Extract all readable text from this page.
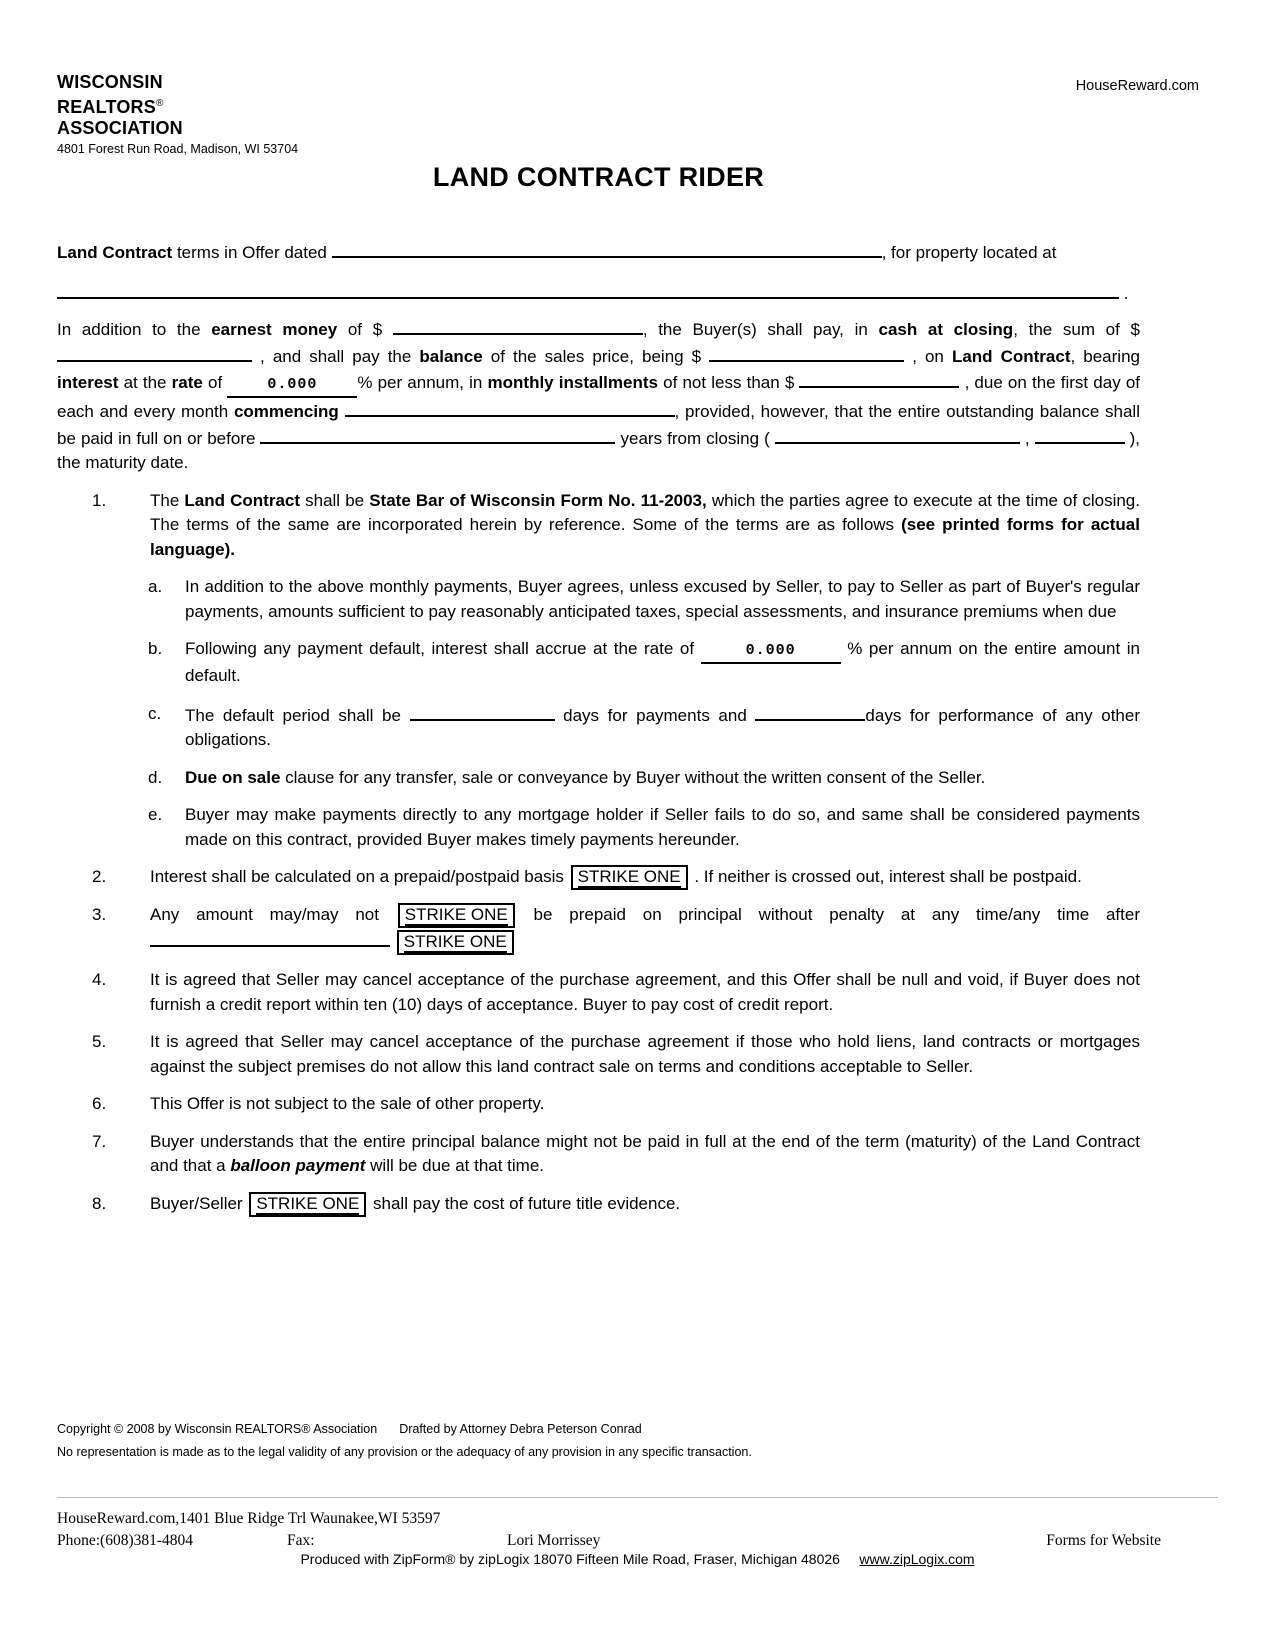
HouseReward.com
WISCONSIN
REALTORS®
ASSOCIATION
4801 Forest Run Road, Madison, WI 53704
LAND CONTRACT RIDER

Land Contract terms in Offer dated	, for property located at

.

In addition to the earnest money of $	, the Buyer(s) shall pay, in cash at closing, the sum of $  , and shall pay the balance of the sales price, being $	, on Land Contract, bearing interest at the rate of	0.000 % per annum, in monthly installments of not less than $	, due on the first day of each and every month commencing	, provided, however, that the entire outstanding balance shall be paid in full on or before	years from closing (	,	), the maturity date.

1.	The Land Contract shall be State Bar of Wisconsin Form No. 11-2003, which the parties agree to execute at the time of closing. The terms of the same are incorporated herein by reference. Some of the terms are as follows (see printed forms for actual language).

a. In addition to the above monthly payments, Buyer agrees, unless excused by Seller, to pay to Seller as part of Buyer's regular payments, amounts sufficient to pay reasonably anticipated taxes, special assessments, and insurance premiums when due

b. Following any payment default, interest shall accrue at the rate of	0.000	% per annum on the entire amount in default.

c. The default period shall be	days for payments and	days for performance of any other obligations.

d. Due on sale clause for any transfer, sale or conveyance by Buyer without the written consent of the Seller.

e. Buyer may make payments directly to any mortgage holder if Seller fails to do so, and same shall be considered payments made on this contract, provided Buyer makes timely payments hereunder.

2.	Interest shall be calculated on a prepaid/postpaid basis STRIKE ONE . If neither is crossed out, interest shall be postpaid.

3.	Any amount may/may not STRIKE ONE be prepaid on principal without penalty at any time/any time after  STRIKE ONE

4.	It is agreed that Seller may cancel acceptance of the purchase agreement, and this Offer shall be null and void, if Buyer does not furnish a credit report within ten (10) days of acceptance. Buyer to pay cost of credit report.

5.	It is agreed that Seller may cancel acceptance of the purchase agreement if those who hold liens, land contracts or mortgages against the subject premises do not allow this land contract sale on terms and conditions acceptable to Seller.

6.	This Offer is not subject to the sale of other property.

7.	Buyer understands that the entire principal balance might not be paid in full at the end of the term (maturity) of the Land Contract and that a balloon payment will be due at that time.

8.	Buyer/Seller STRIKE ONE shall pay the cost of future title evidence.

Copyright © 2008 by Wisconsin REALTORS® Association Drafted by Attorney Debra Peterson Conrad
No representation is made as to the legal validity of any provision or the adequacy of any provision in any specific transaction.
HouseReward.com,1401 Blue Ridge Trl Waunakee,WI 53597
Phone:(608)381-4804	Fax:	Lori Morrissey	Forms for Website
Produced with ZipForm® by zipLogix 18070 Fifteen Mile Road, Fraser, Michigan 48026 www.zipLogix.com
